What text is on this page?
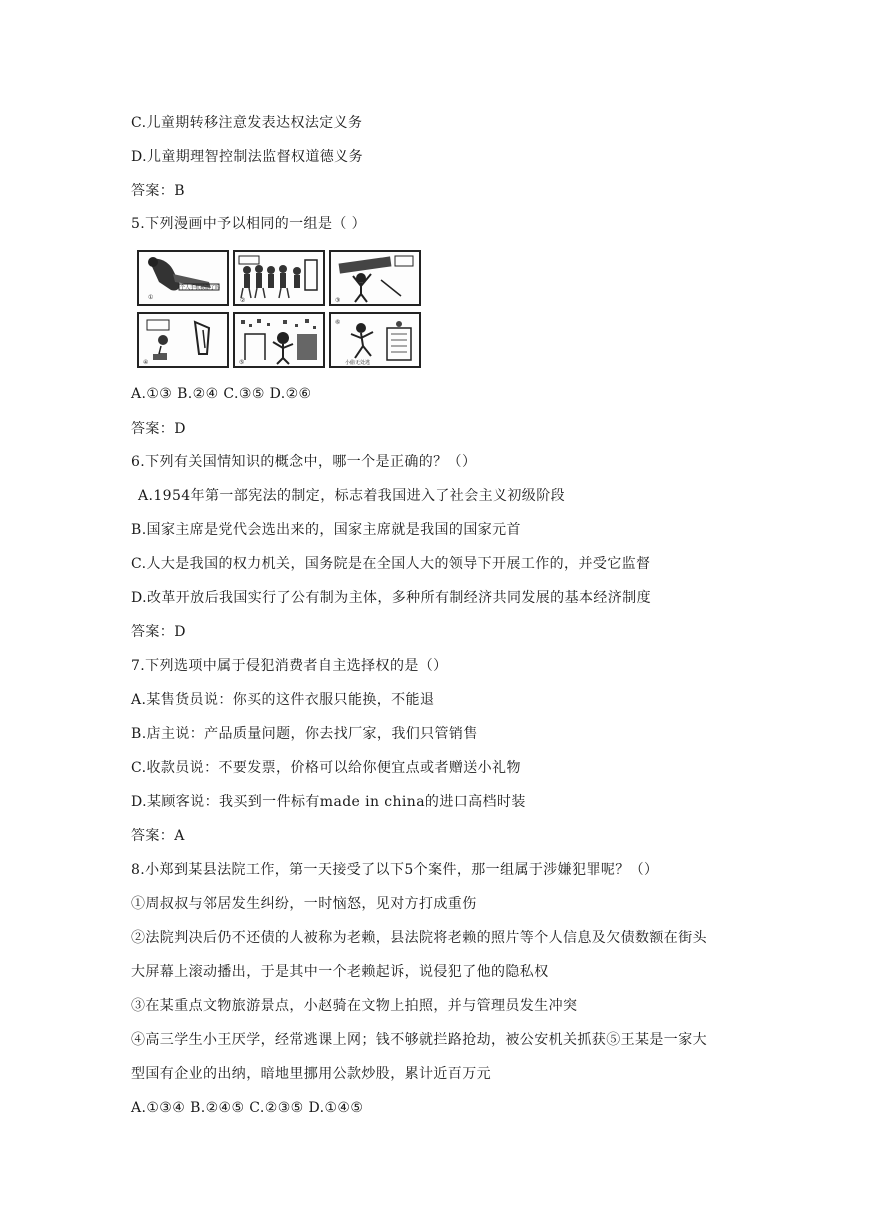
C.儿童期转移注意发表达权法定义务
D.儿童期理智控制法监督权道德义务
答案：B
5.下列漫画中予以相同的一组是（ ）
①
个人手机被偷了吗
②	③
④	⑤	小偷无处逃
⑥
A.①③ B.②④ C.③⑤ D.②⑥
答案：D
6.下列有关国情知识的概念中，哪一个是正确的？（）
A.1954年第一部宪法的制定，标志着我国进入了社会主义初级阶段
B.国家主席是党代会选出来的，国家主席就是我国的国家元首
C.人大是我国的权力机关，国务院是在全国人大的领导下开展工作的，并受它监督
D.改革开放后我国实行了公有制为主体，多种所有制经济共同发展的基本经济制度
答案：D
7.下列选项中属于侵犯消费者自主选择权的是（）
A.某售货员说：你买的这件衣服只能换，不能退
B.店主说：产品质量问题，你去找厂家，我们只管销售
C.收款员说：不要发票，价格可以给你便宜点或者赠送小礼物
D.某顾客说：我买到一件标有made in china的进口高档时装
答案：A
8.小郑到某县法院工作，第一天接受了以下5个案件，那一组属于涉嫌犯罪呢？（）
①周叔叔与邻居发生纠纷，一时恼怒，见对方打成重伤
②法院判决后仍不还债的人被称为老赖，县法院将老赖的照片等个人信息及欠债数额在街头
大屏幕上滚动播出，于是其中一个老赖起诉，说侵犯了他的隐私权
③在某重点文物旅游景点，小赵骑在文物上拍照，并与管理员发生冲突
④高三学生小王厌学，经常逃课上网；钱不够就拦路抢劫，被公安机关抓获⑤王某是一家大
型国有企业的出纳，暗地里挪用公款炒股，累计近百万元
A.①③④ B.②④⑤ C.②③⑤ D.①④⑤
